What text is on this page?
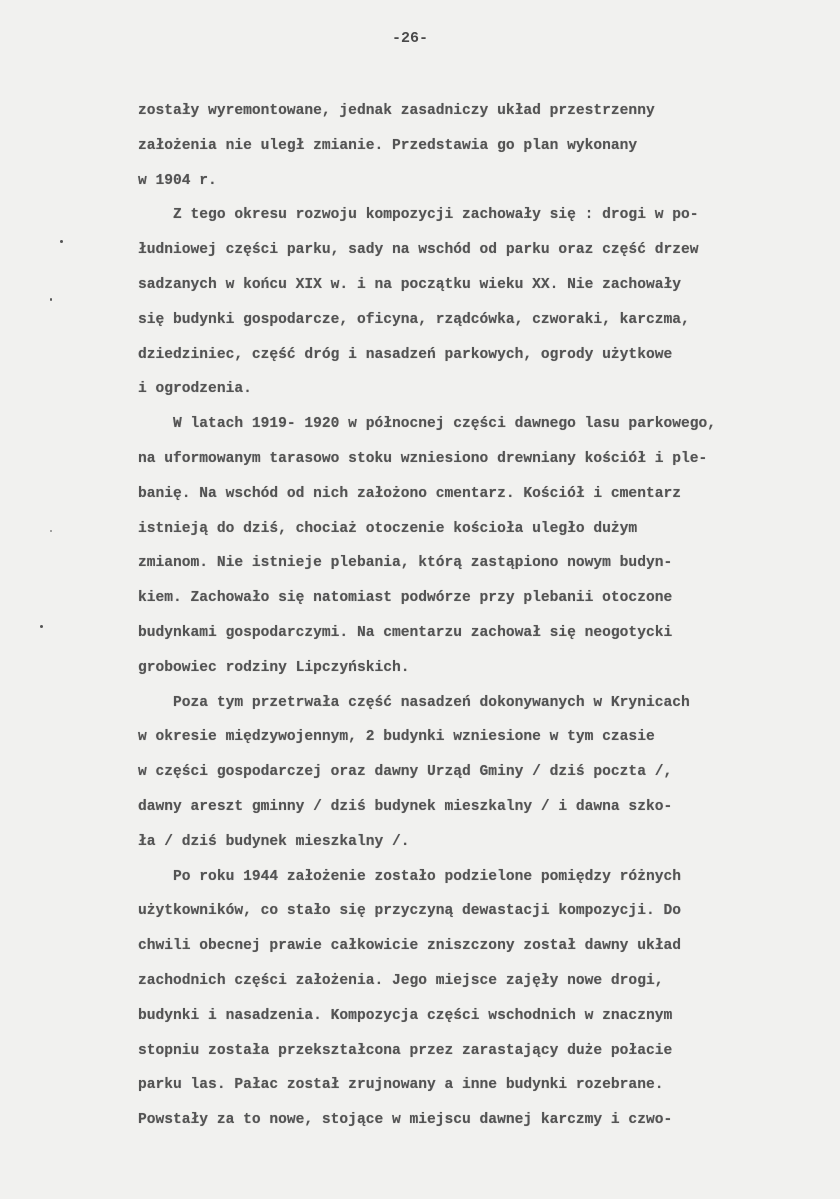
-26-
zostały wyremontowane, jednak zasadniczy układ przestrzenny
założenia nie uległ zmianie. Przedstawia go plan wykonany
w 1904 r.
Z tego okresu rozwoju kompozycji zachowały się : drogi w po-
łudniowej części parku, sady na wschód od parku oraz część drzew
sadzanych w końcu XIX w. i na początku wieku XX. Nie zachowały
się budynki gospodarcze, oficyna, rządcówka, czworaki, karczma,
dziedziniec, część dróg i nasadzeń parkowych, ogrody użytkowe
i ogrodzenia.
W latach 1919- 1920 w północnej części dawnego lasu parkowego,
na uformowanym tarasowo stoku wzniesiono drewniany kościół i ple-
banię. Na wschód od nich założono cmentarz. Kościół i cmentarz
istnieją do dziś, chociaż otoczenie kościoła uległo dużym
zmianom. Nie istnieje plebania, którą zastąpiono nowym budyn-
kiem. Zachowało się natomiast podwórze przy plebanii otoczone
budynkami gospodarczymi. Na cmentarzu zachował się neogotycki
grobowiec rodziny Lipczyńskich.
Poza tym przetrwała część nasadzeń dokonywanych w Krynicach
w okresie międzywojennym, 2 budynki wzniesione w tym czasie
w części gospodarczej oraz dawny Urząd Gminy / dziś poczta /,
dawny areszt gminny / dziś budynek mieszkalny / i dawna szko-
ła / dziś budynek mieszkalny /.
Po roku 1944 założenie zostało podzielone pomiędzy różnych
użytkowników, co stało się przyczyną dewastacji kompozycji. Do
chwili obecnej prawie całkowicie zniszczony został dawny układ
zachodnich części założenia. Jego miejsce zajęły nowe drogi,
budynki i nasadzenia. Kompozycja części wschodnich w znacznym
stopniu została przekształcona przez zarastający duże połacie
parku las. Pałac został zrujnowany a inne budynki rozebrane.
Powstały za to nowe, stojące w miejscu dawnej karczmy i czwo-
